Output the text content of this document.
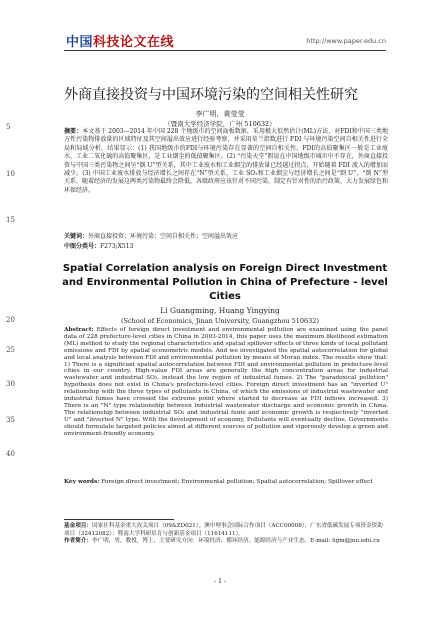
中国科技论文在线	http://www.paper.edu.cn
5
10
15
20
25
30
35
40
外商直接投资与中国环境污染的空间相关性研究
李广明，黄莹莹
（暨南大学经济学院，广州 510632）
摘要：本文基于 2003—2014 年中国 228 个地级市的空间面板数据，采用极大似然估计(ML)方法，对FDI和中国三类地方性污染物排放量的区域特征及其空间溢出效应进行经验考察，并采用莫兰指数进行 FDI 与环境污染空间自相关性进行全局和局域分析。结果显示：(1) 我国地级市的FDI与环境污染存在显著的空间自相关性，FDI的高值聚集区一般是工业废水、工业二氧化硫的高值聚集区，是工业烟尘的低值聚集区。(2) “污染天堂”假说在中国地级市城市中不存在，外商直接投资与中国三类污染物之间呈“倒 U”型关系，其中工业废水和工业烟尘的排放量已经越过拐点，开始随着 FDI 流入的增加而减少。(3) 中国工业废水排放与经济增长之间存在“N”型关系，工业 SO₂和工业烟尘与经济增长之间是“倒 U”、“倒 N”型关系，随着经济的发展这两类污染物最终会降低。各级政府应该针对不同污染，制定有针对性的治污政策，大力发展绿色和环保经济。
关键词：外商直接投资；环境污染；空间自相关性；空间溢出效应
中图分类号：F273;X513
Spatial Correlation analysis on Foreign Direct Investment and Environmental Pollution in China of Prefecture - level Cities
Li Guangming, Huang Yingying
(School of Economics, Jinan University, Guangzhou 510632)
Abstract: Effects of foreign direct investment and environmental pollution are examined using the panel data of 228 prefecture-level cities in China in 2003-2014, this paper uses the maximum likelihood estimation (ML) method to study the regional characteristics and spatial spillover effects of three kinds of local pollutant emissions and FDI by spatial econometric models. And we investigated the spatial autocorrelation for global and local analysis between FDI and environmental pollution by means of Moran index. The results show that: 1) There is a significant spatial autocorrelation between FDI and environmental pollution in prefecture-level cities in our country. High-value FDI areas are generally the high concentration areas for industrial wastewater and industrial SO₂, instead the low region of industrial fumes. 2) The "paradoxical pollution" hypothesis does not exist in China's prefecture-level cities. Foreign direct investment has an "inverted U" relationship with the three types of pollutants in China, of which the emissions of industrial wastewater and industrial fumes have crossed the extreme point where started to decrease as FDI inflows increased. 3) There is an "N" type relationship between industrial wastewater discharge and economic growth in China. The relationship between industrial SO₂ and industrial fume and economic growth is respectively "inverted U" and "inverted N" type. With the development of economy, Pollutants will eventually decline. Governments should formulate targeted policies aimed at different sources of pollution and vigorously develop a green and environment-friendly economy.
Key words: Foreign direct investment; Environmental pollution; Spatial autocorrelation; Spillover effect
基金项目：国家社科基金重大攻关项目（09&ZD021）；澳中理事会国际合作项目（ACC00008）；广东省低碳发展专项资金资助项目（32412082）；暨南大学科研培育与创新基金项目（11614111）。
作者简介：李广明，男，教授，博士，主要研究方向：环境经济、循环经济、能源经济与产业生态。E-mail: ligm@jnu.edu.cn
- 1 -
